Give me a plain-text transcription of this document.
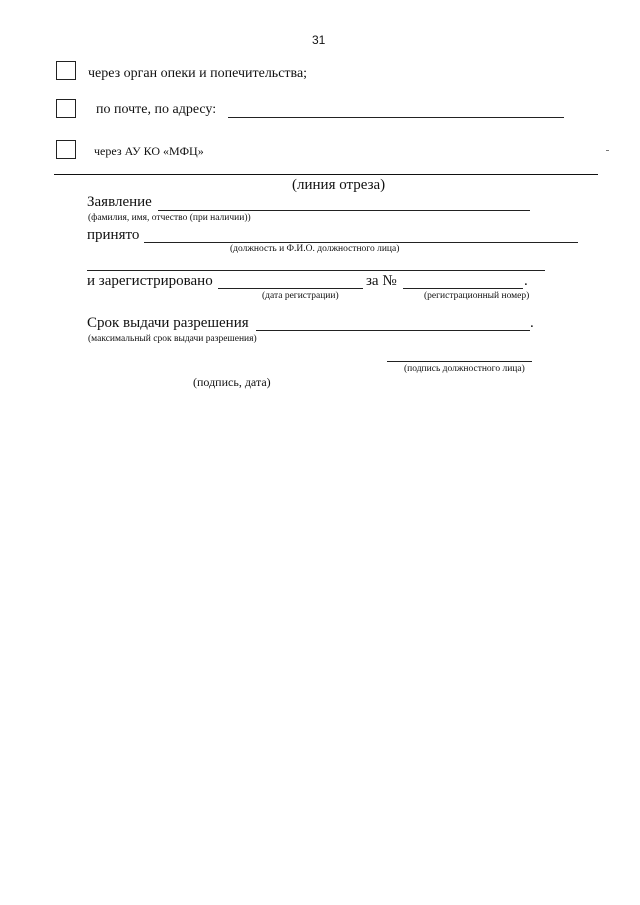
31
через орган опеки и попечительства;
по почте, по адресу:
через АУ КО «МФЦ»
(линия отреза)
Заявление
(фамилия, имя, отчество (при наличии))
принято
(должность и Ф.И.О. должностного лица)
и зарегистрировано	за №	.
(дата регистрации)	(регистрационный номер)
Срок выдачи разрешения	.
(максимальный срок выдачи разрешения)
(подпись должностного лица)
(подпись, дата)
